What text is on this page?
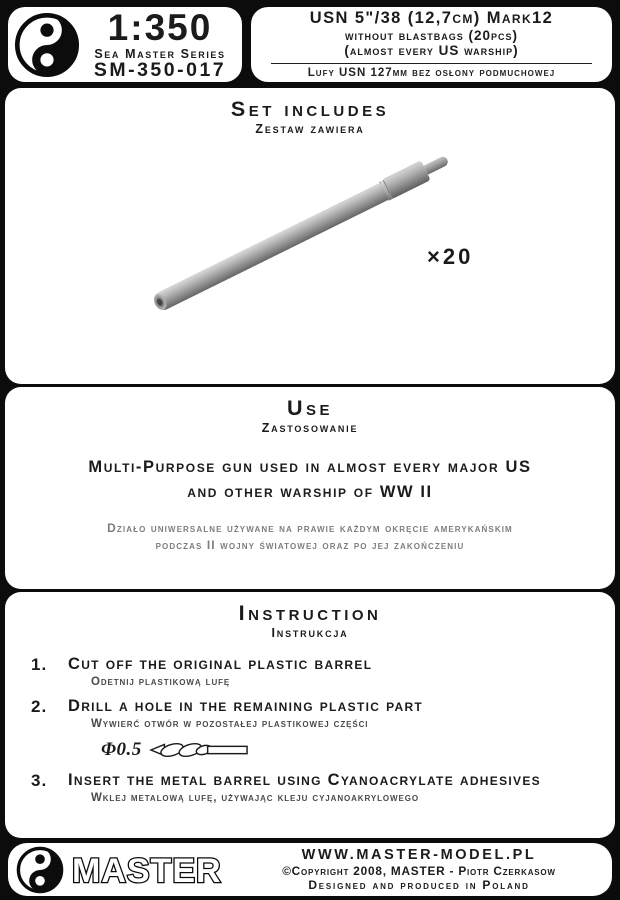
1:350
Sea Master Series
SM-350-017
USN 5"/38 (12,7cm) Mark12
without blastbags (20pcs)
(almost every US warship)
Lufy USN 127mm bez osłony podmuchowej
Set includes
Zestaw zawiera
×20
Use
Zastosowanie
Multi-Purpose gun used in almost every major US
and other warship of WW II
Działo uniwersalne używane na prawie każdym okręcie amerykańskim
podczas II wojny światowej oraz po jej zakończeniu
Instruction
Instrukcja
1.	Cut off the original plastic barrel
Odetnij plastikową lufę
2.	Drill a hole in the remaining plastic part
Wywierć otwór w pozostałej plastikowej części
Φ0.5
3.	Insert the metal barrel using Cyanoacrylate adhesives
Wklej metalową lufę, używając kleju cyjanoakrylowego
MASTER	WWW.MASTER-MODEL.PL
©Copyright 2008, MASTER - Piotr Czerkasow
Designed and produced in Poland
